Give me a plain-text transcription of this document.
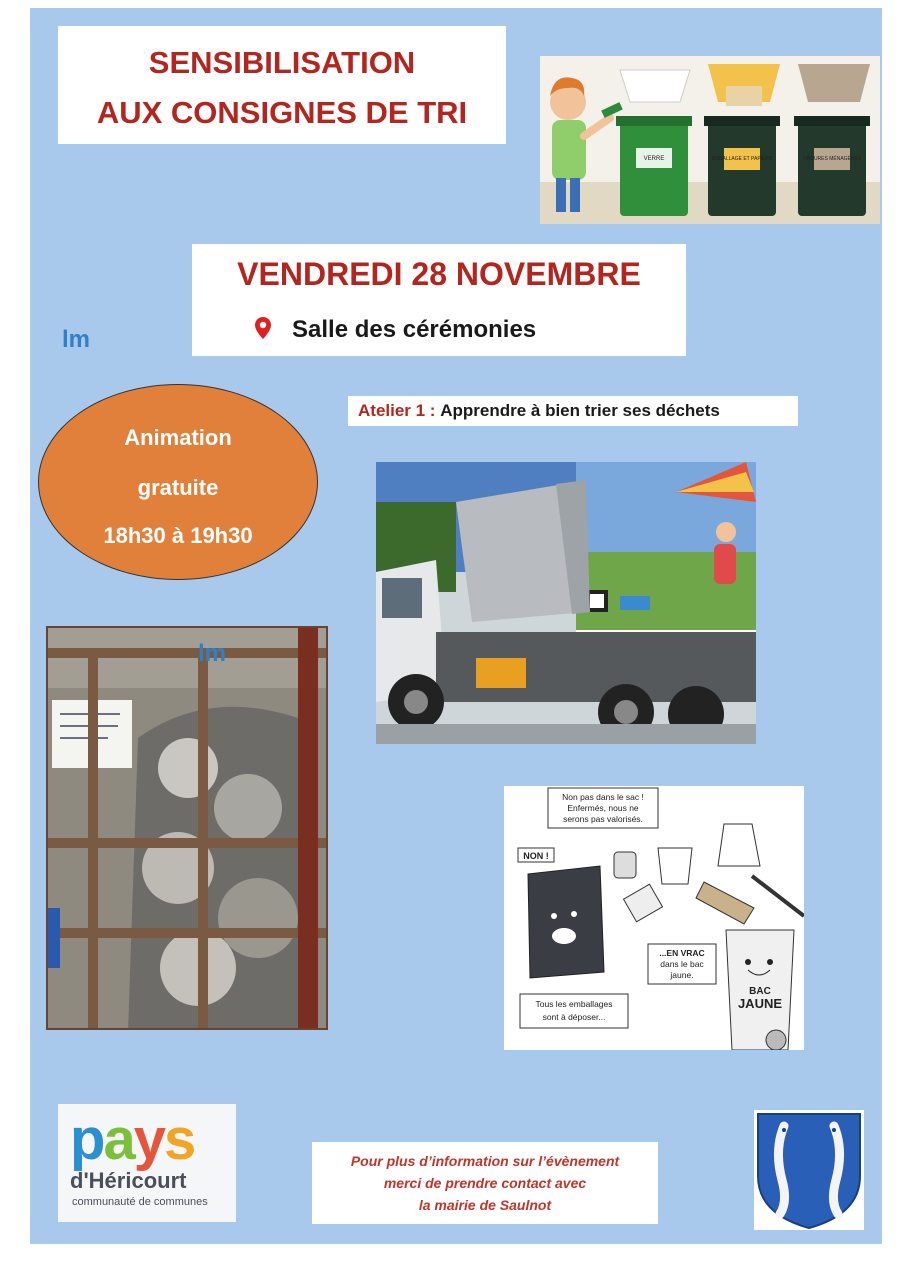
SENSIBILISATION
AUX CONSIGNES DE TRI
VERRE	EMBALLAGE ET PAPIERS	ORDURES MÉNAGÈRES
VENDREDI 28 NOVEMBRE
Salle des cérémonies
lm
Atelier 1 : Apprendre à bien trier ses déchets
Animation
gratuite
18h30 à 19h30
lm
Non pas dans le sac !
Enfermés, nous ne
serons pas valorisés.
NON !
...EN VRAC
dans le bac
jaune.
BAC
JAUNE
Tous les emballages
sont à déposer...
pays
d'Héricourt
communauté de communes
Pour plus d’information sur l’évènement
merci de prendre contact avec
la mairie de Saulnot
